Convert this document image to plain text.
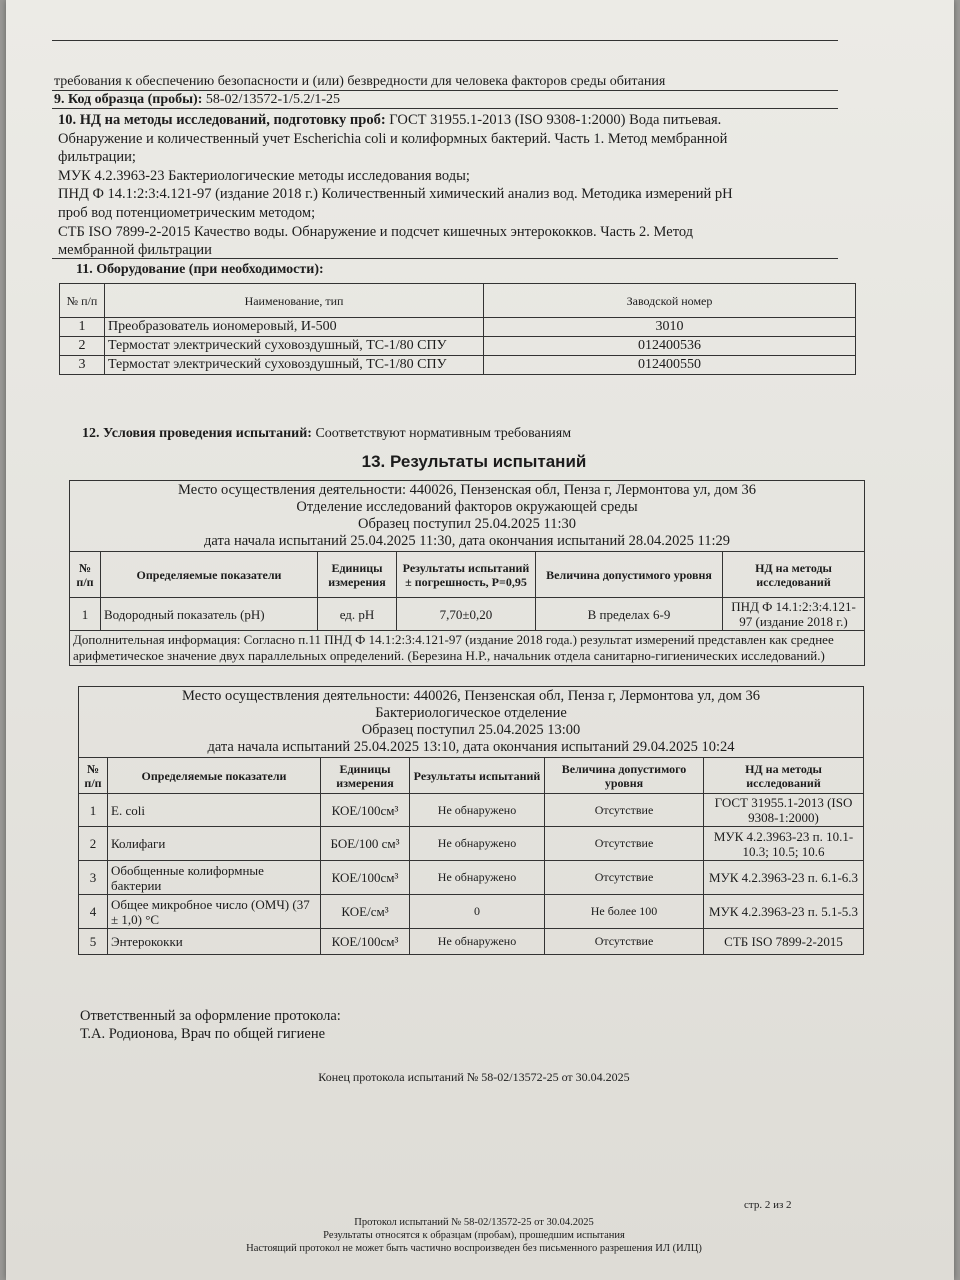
требования к обеспечению безопасности и (или) безвредности для человека факторов среды обитания
9. Код образца (пробы): 58-02/13572-1/5.2/1-25
10. НД на методы исследований, подготовку проб: ГОСТ 31955.1-2013 (ISO 9308-1:2000) Вода питьевая.
Обнаружение и количественный учет Escherichia coli и колиформных бактерий. Часть 1. Метод мембранной
фильтрации;
МУК 4.2.3963-23 Бактериологические методы исследования воды;
ПНД Ф 14.1:2:3:4.121-97 (издание 2018 г.) Количественный химический анализ вод. Методика измерений pH
проб вод потенциометрическим методом;
СТБ ISO 7899-2-2015 Качество воды. Обнаружение и подсчет кишечных энтерококков. Часть 2. Метод
мембранной фильтрации
11. Оборудование (при необходимости):
№ п/п	Наименование, тип	Заводской номер
1	Преобразователь иономеровый, И-500	3010
2	Термостат электрический суховоздушный, ТС-1/80 СПУ	012400536
3	Термостат электрический суховоздушный, ТС-1/80 СПУ	012400550
12. Условия проведения испытаний: Соответствуют нормативным требованиям
13. Результаты испытаний
Место осуществления деятельности: 440026, Пензенская обл, Пенза г, Лермонтова ул, дом 36
Отделение исследований факторов окружающей среды
Образец поступил 25.04.2025 11:30
дата начала испытаний 25.04.2025 11:30, дата окончания испытаний 28.04.2025 11:29					

№ п/п	Определяемые показатели	Единицы измерения	Результаты испытаний ± погрешность, P=0,95	Величина допустимого уровня	НД на методы исследований
1	Водородный показатель (pH)	ед. pH	7,70±0,20	В пределах 6-9	ПНД Ф 14.1:2:3:4.121-97 (издание 2018 г.)
Дополнительная информация: Согласно п.11 ПНД Ф 14.1:2:3:4.121-97 (издание 2018 года.) результат измерений представлен как среднее арифметическое значение двух параллельных определений. (Березина Н.Р., начальник отдела санитарно-гигиенических исследований.)					
Место осуществления деятельности: 440026, Пензенская обл, Пенза г, Лермонтова ул, дом 36
Бактериологическое отделение
Образец поступил 25.04.2025 13:00
дата начала испытаний 25.04.2025 13:10, дата окончания испытаний 29.04.2025 10:24					

№ п/п	Определяемые показатели	Единицы измерения	Результаты испытаний	Величина допустимого уровня	НД на методы исследований
1	E. coli	КОЕ/100см³	Не обнаружено	Отсутствие	ГОСТ 31955.1-2013 (ISO 9308-1:2000)
2	Колифаги	БОЕ/100 см³	Не обнаружено	Отсутствие	МУК 4.2.3963-23 п. 10.1-10.3; 10.5; 10.6
3	Обобщенные колиформные бактерии	КОЕ/100см³	Не обнаружено	Отсутствие	МУК 4.2.3963-23 п. 6.1-6.3
4	Общее микробное число (ОМЧ) (37 ± 1,0) °С	КОЕ/см³	0	Не более 100	МУК 4.2.3963-23 п. 5.1-5.3
5	Энтерококки	КОЕ/100см³	Не обнаружено	Отсутствие	СТБ ISO 7899-2-2015
Ответственный за оформление протокола:
Т.А. Родионова, Врач по общей гигиене
Конец протокола испытаний № 58-02/13572-25 от 30.04.2025
стр. 2 из 2
Протокол испытаний № 58-02/13572-25 от 30.04.2025
Результаты относятся к образцам (пробам), прошедшим испытания
Настоящий протокол не может быть частично воспроизведен без письменного разрешения ИЛ (ИЛЦ)
